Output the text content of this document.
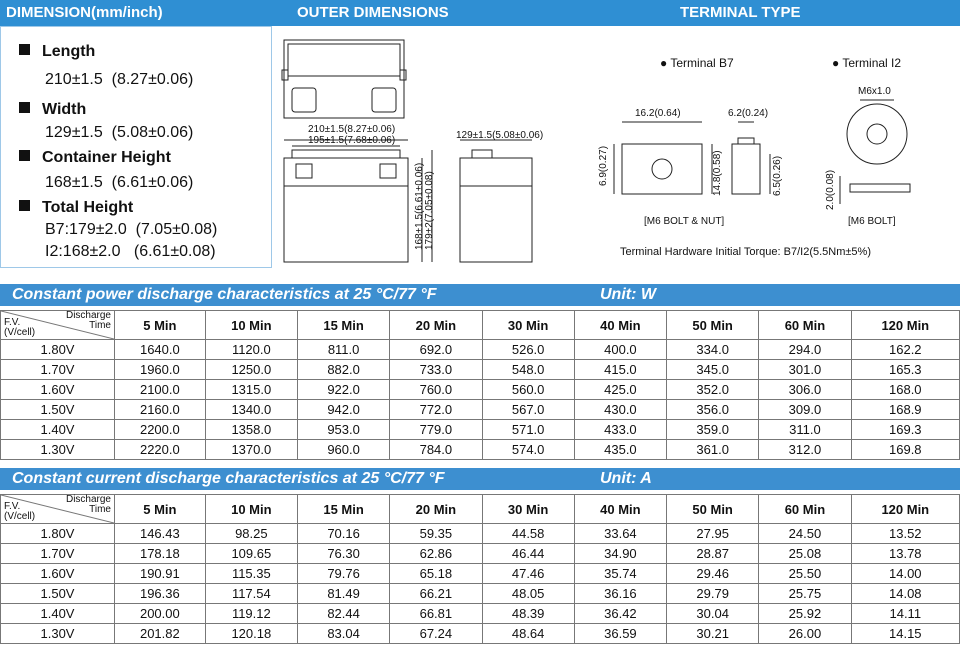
DIMENSION(mm/inch)	OUTER DIMENSIONS	TERMINAL TYPE
Length
210±1.5 (8.27±0.06)
Width
129±1.5 (5.08±0.06)
Container Height
168±1.5 (6.61±0.06)
Total Height
B7:179±2.0 (7.05±0.08)
I2:168±2.0 (6.61±0.08)
210±1.5(8.27±0.06)
195±1.5(7.68±0.06)	129±1.5(5.08±0.06)
168±1.5(6.61±0.06) 179±2(7.05±0.08)
● Terminal B7	● Terminal I2
16.2(0.64)	6.2(0.24)
6.9(0.27)	14.8(0.58)	6.5(0.26)
M6x1.0
2.0(0.08)
[M6 BOLT & NUT]	[M6 BOLT]
Terminal Hardware Initial Torque: B7/I2(5.5Nm±5%)
Constant power discharge characteristics at 25 °C/77 °F	Unit: W
Discharge
Time
F.V.
(V/cell)	5 Min	10 Min	15 Min	20 Min	30 Min	40 Min	50 Min	60 Min	120 Min
1.80V	1640.0	1120.0	811.0	692.0	526.0	400.0	334.0	294.0	162.2
1.70V	1960.0	1250.0	882.0	733.0	548.0	415.0	345.0	301.0	165.3
1.60V	2100.0	1315.0	922.0	760.0	560.0	425.0	352.0	306.0	168.0
1.50V	2160.0	1340.0	942.0	772.0	567.0	430.0	356.0	309.0	168.9
1.40V	2200.0	1358.0	953.0	779.0	571.0	433.0	359.0	311.0	169.3
1.30V	2220.0	1370.0	960.0	784.0	574.0	435.0	361.0	312.0	169.8
Constant current discharge characteristics at 25 °C/77 °F	Unit: A
Discharge
Time
F.V.
(V/cell)	5 Min	10 Min	15 Min	20 Min	30 Min	40 Min	50 Min	60 Min	120 Min
1.80V	146.43	98.25	70.16	59.35	44.58	33.64	27.95	24.50	13.52
1.70V	178.18	109.65	76.30	62.86	46.44	34.90	28.87	25.08	13.78
1.60V	190.91	115.35	79.76	65.18	47.46	35.74	29.46	25.50	14.00
1.50V	196.36	117.54	81.49	66.21	48.05	36.16	29.79	25.75	14.08
1.40V	200.00	119.12	82.44	66.81	48.39	36.42	30.04	25.92	14.11
1.30V	201.82	120.18	83.04	67.24	48.64	36.59	30.21	26.00	14.15
